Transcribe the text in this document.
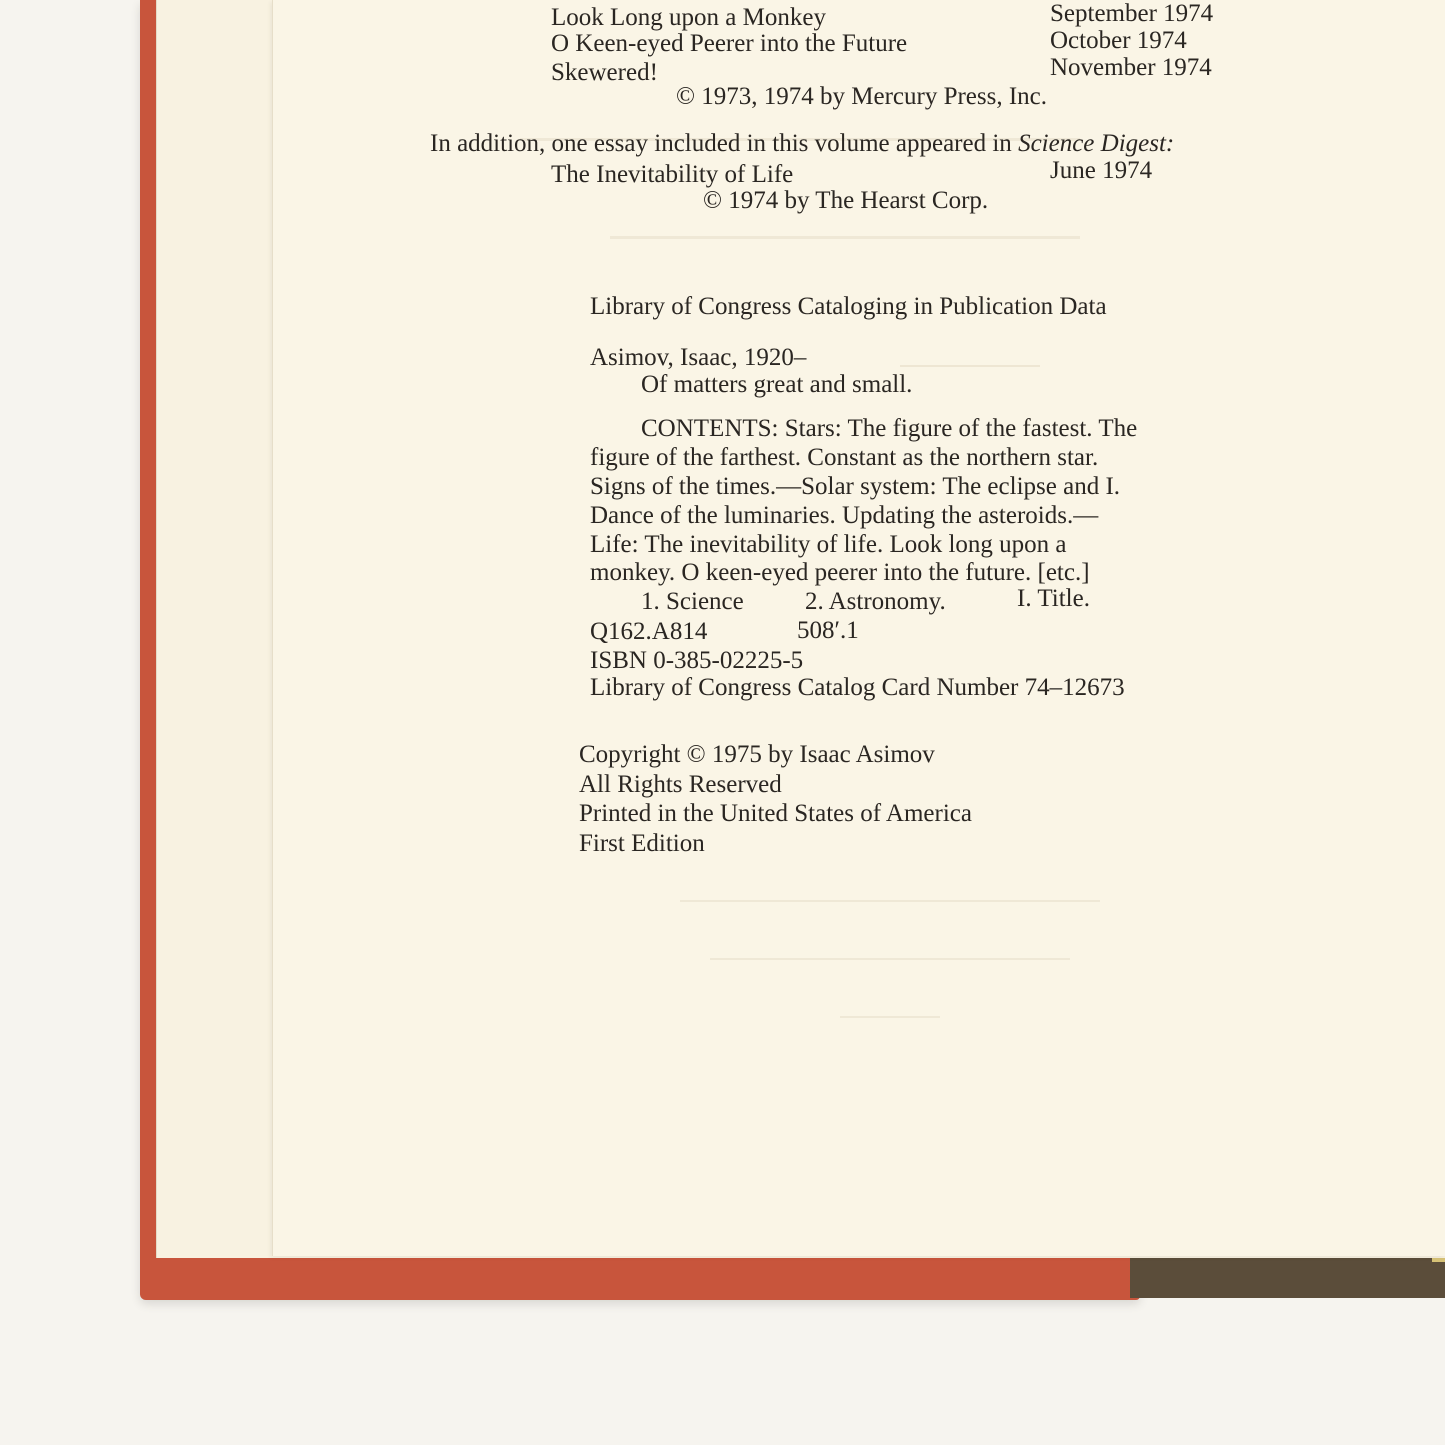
Look Long upon a Monkey	September 1974
O Keen-eyed Peerer into the Future	October 1974
Skewered!	November 1974
© 1973, 1974 by Mercury Press, Inc.
In addition, one essay included in this volume appeared in Science Digest:
The Inevitability of Life	June 1974
© 1974 by The Hearst Corp.
Library of Congress Cataloging in Publication Data
Asimov, Isaac, 1920–
Of matters great and small.
CONTENTS: Stars: The figure of the fastest. The
figure of the farthest. Constant as the northern star.
Signs of the times.—Solar system: The eclipse and I.
Dance of the luminaries. Updating the asteroids.—
Life: The inevitability of life. Look long upon a
monkey. O keen-eyed peerer into the future. [etc.]
1. Science 2. Astronomy.	I. Title.
Q162.A814	508′.1
ISBN 0-385-02225-5
Library of Congress Catalog Card Number 74–12673
Copyright © 1975 by Isaac Asimov
All Rights Reserved
Printed in the United States of America
First Edition
